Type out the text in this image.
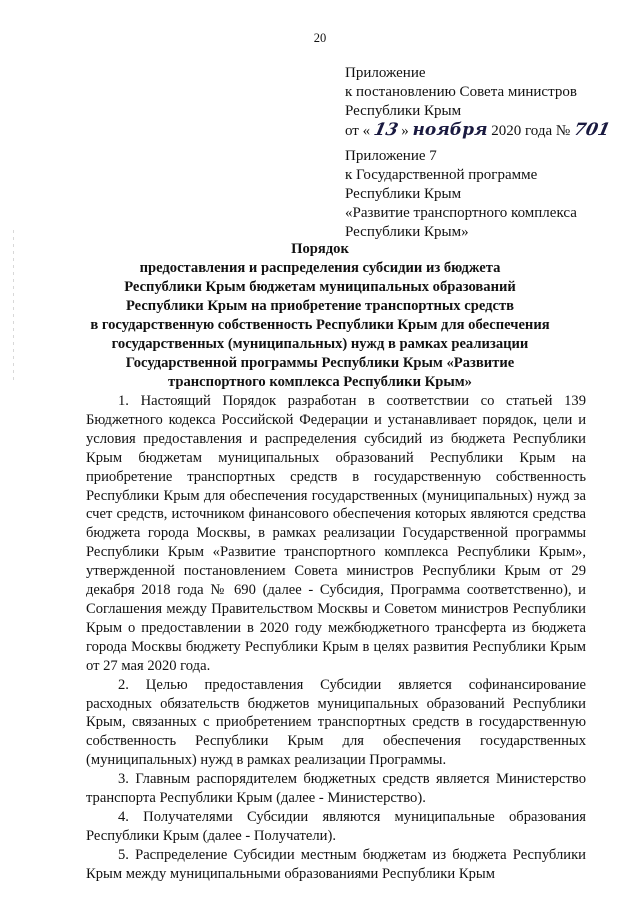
20
Приложение
к постановлению Совета министров
Республики Крым
от « 13 » ноября 2020 года № 701
Приложение 7
к Государственной программе
Республики Крым
«Развитие транспортного комплекса
Республики Крым»
Порядок
предоставления и распределения субсидии из бюджета
Республики Крым бюджетам муниципальных образований
Республики Крым на приобретение транспортных средств
в государственную собственность Республики Крым для обеспечения
государственных (муниципальных) нужд в рамках реализации
Государственной программы Республики Крым «Развитие
транспортного комплекса Республики Крым»

1. Настоящий Порядок разработан в соответствии со статьей 139 Бюджетного кодекса Российской Федерации и устанавливает порядок, цели и условия предоставления и распределения субсидий из бюджета Республики Крым бюджетам муниципальных образований Республики Крым на приобретение транспортных средств в государственную собственность Республики Крым для обеспечения государственных (муниципальных) нужд за счет средств, источником финансового обеспечения которых являются средства бюджета города Москвы, в рамках реализации Государственной программы Республики Крым «Развитие транспортного комплекса Республики Крым», утвержденной постановлением Совета министров Республики Крым от 29 декабря 2018 года № 690 (далее - Субсидия, Программа соответственно), и Соглашения между Правительством Москвы и Советом министров Республики Крым о предоставлении в 2020 году межбюджетного трансферта из бюджета города Москвы бюджету Республики Крым в целях развития Республики Крым от 27 мая 2020 года.

2. Целью предоставления Субсидии является софинансирование расходных обязательств бюджетов муниципальных образований Республики Крым, связанных с приобретением транспортных средств в государственную собственность Республики Крым для обеспечения государственных (муниципальных) нужд в рамках реализации Программы.

3. Главным распорядителем бюджетных средств является Министерство транспорта Республики Крым (далее - Министерство).

4. Получателями Субсидии являются муниципальные образования Республики Крым (далее - Получатели).

5. Распределение Субсидии местным бюджетам из бюджета Республики Крым между муниципальными образованиями Республики Крым
